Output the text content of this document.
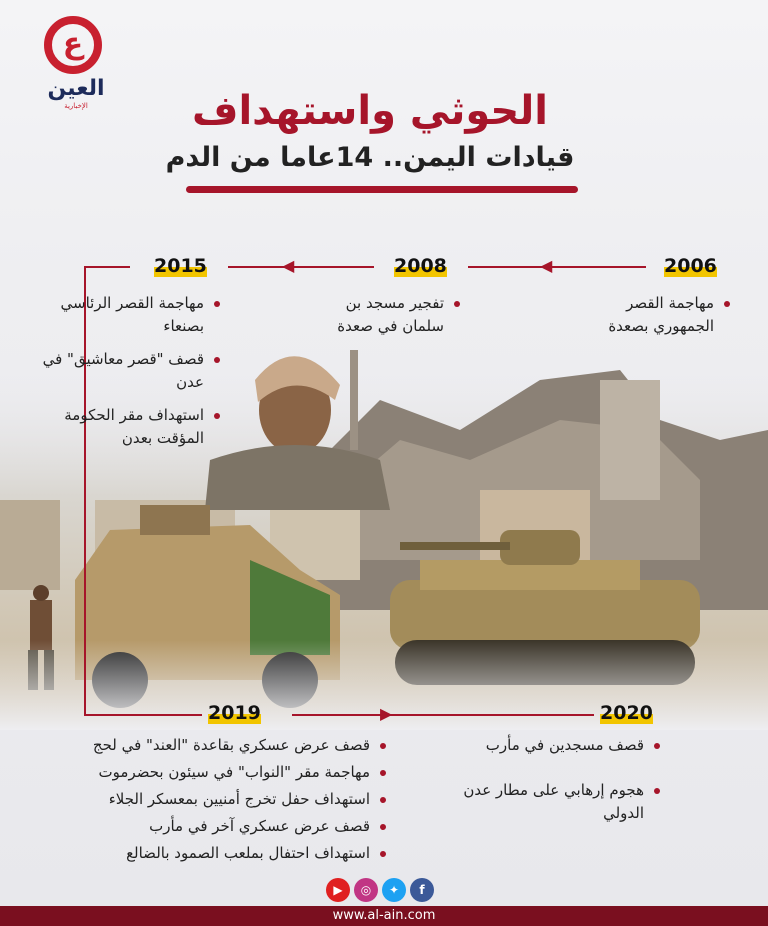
ع
العين
الإخبارية	الحوثي واستهداف
قيادات اليمن.. 14عاما من الدم
◀
◀
▶
2006
2008
2015
2019	2020
مهاجمة القصر الجمهوري بصعدة
تفجير مسجد بن سلمان في صعدة
مهاجمة القصر الرئاسي بصنعاء
قصف "قصر معاشيق" في عدن
استهداف مقر الحكومة المؤقت بعدن
قصف عرض عسكري بقاعدة "العند" في لحج
مهاجمة مقر "النواب" في سيئون بحضرموت
استهداف حفل تخرج أمنيين بمعسكر الجلاء
قصف عرض عسكري آخر في مأرب
استهداف احتفال بملعب الصمود بالضالع
قصف مسجدين في مأرب
هجوم إرهابي على مطار عدن الدولي
▶	◎	✦	f
www.al-ain.com
